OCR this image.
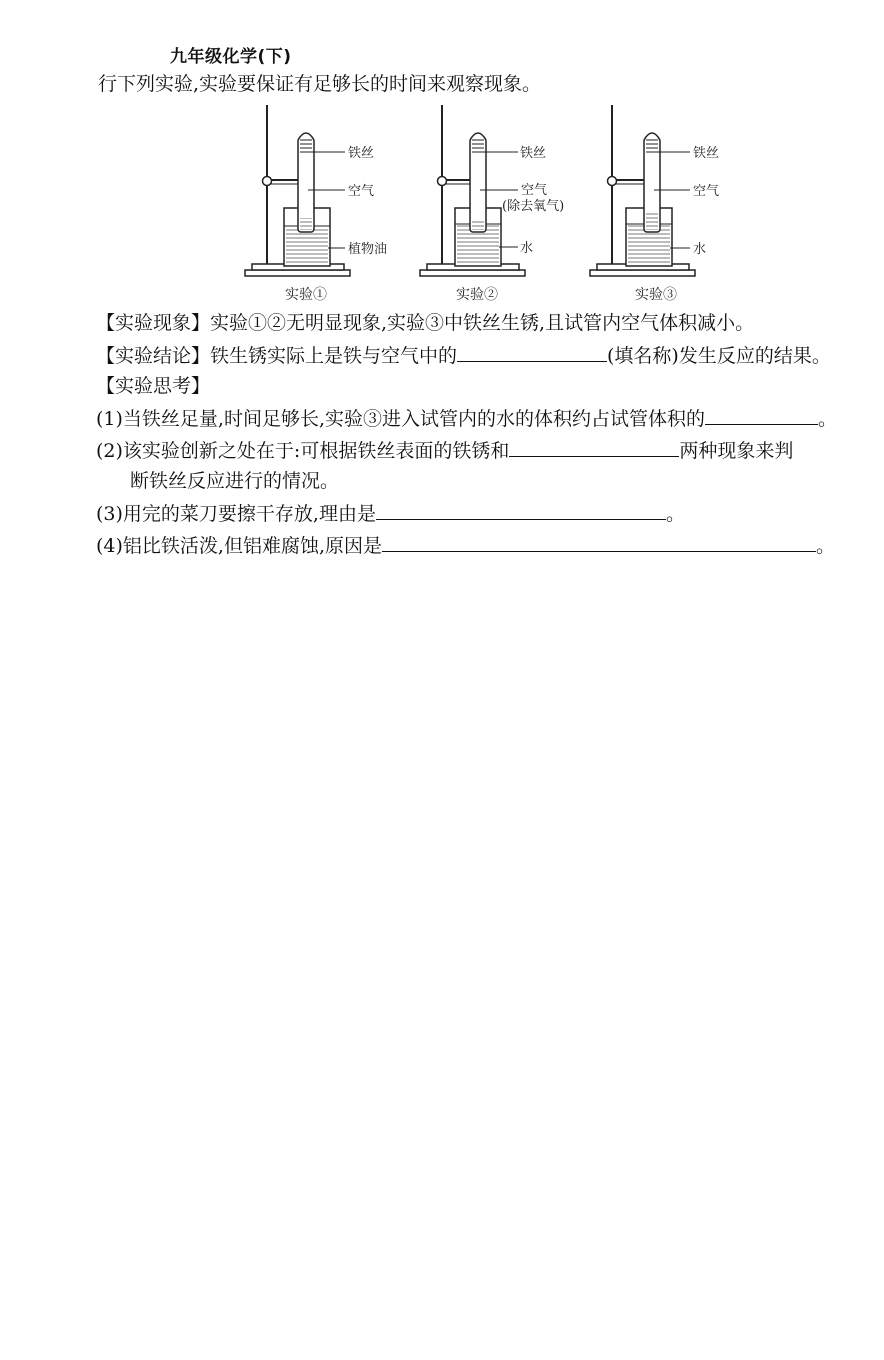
九年级化学(下)
行下列实验,实验要保证有足够长的时间来观察现象。
铁丝
空气
植物油
实验①
铁丝
空气
(除去氧气)
水
实验②
铁丝
空气
水
实验③
【实验现象】实验①②无明显现象,实验③中铁丝生锈,且试管内空气体积减小。
【实验结论】铁生锈实际上是铁与空气中的	(填名称)发生反应的结果。
【实验思考】
(1)当铁丝足量,时间足够长,实验③进入试管内的水的体积约占试管体积的	。
(2)该实验创新之处在于:可根据铁丝表面的铁锈和	两种现象来判
断铁丝反应进行的情况。
(3)用完的菜刀要擦干存放,理由是	。
(4)铝比铁活泼,但铝难腐蚀,原因是	。
